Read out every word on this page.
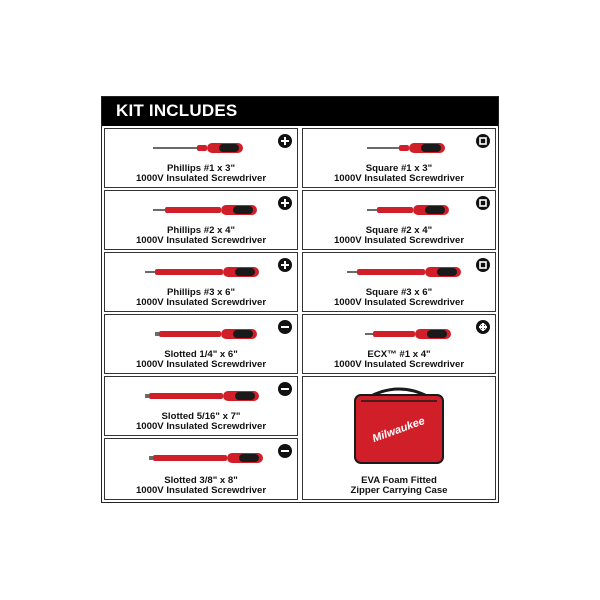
KIT INCLUDES
Phillips #1 x 3"
1000V Insulated Screwdriver
Square #1 x 3"
1000V Insulated Screwdriver
Phillips #2 x 4"
1000V Insulated Screwdriver
Square #2 x 4"
1000V Insulated Screwdriver
Phillips #3 x 6"
1000V Insulated Screwdriver
Square #3 x 6"
1000V Insulated Screwdriver
Slotted 1/4" x 6"
1000V Insulated Screwdriver
ECX™ #1 x 4"
1000V Insulated Screwdriver
Slotted 5/16" x 7"
1000V Insulated Screwdriver	Milwaukee
EVA Foam Fitted
Zipper Carrying Case
Slotted 3/8" x 8"
1000V Insulated Screwdriver
